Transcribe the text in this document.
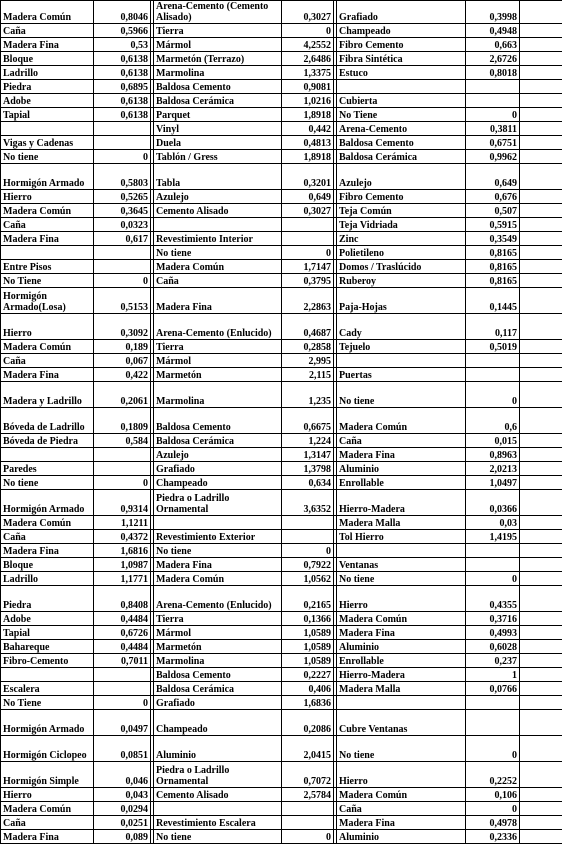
Madera Común	0,8046		Arena-Cemento (Cemento Alisado)	0,3027		Grafiado	0,3998	
Caña	0,5966		Tierra	0		Champeado	0,4948	
Madera Fina	0,53		Mármol	4,2552		Fibro Cemento	0,663	
Bloque	0,6138		Marmetón (Terrazo)	2,6486		Fibra Sintética	2,6726	
Ladrillo	0,6138		Marmolina	1,3375		Estuco	0,8018	
Piedra	0,6895		Baldosa Cemento	0,9081				
Adobe	0,6138		Baldosa Cerámica	1,0216		Cubierta		
Tapial	0,6138		Parquet	1,8918		No Tiene	0	
			Vinyl	0,442		Arena-Cemento	0,3811	
Vigas y Cadenas			Duela	0,4813		Baldosa Cemento	0,6751	
No tiene	0		Tablón / Gress	1,8918		Baldosa Cerámica	0,9962	
Hormigón Armado	0,5803		Tabla	0,3201		Azulejo	0,649	
Hierro	0,5265		Azulejo	0,649		Fibro Cemento	0,676	
Madera Común	0,3645		Cemento Alisado	0,3027		Teja Común	0,507	
Caña	0,0323					Teja Vidriada	0,5915	
Madera Fina	0,617		Revestimiento Interior			Zinc	0,3549	
			No tiene	0		Polietileno	0,8165	
Entre Pisos			Madera Común	1,7147		Domos / Traslúcido	0,8165	
No Tiene	0		Caña	0,3795		Ruberoy	0,8165	
Hormigón Armado(Losa)	0,5153		Madera Fina	2,2863		Paja-Hojas	0,1445	
Hierro	0,3092		Arena-Cemento (Enlucido)	0,4687		Cady	0,117	
Madera Común	0,189		Tierra	0,2858		Tejuelo	0,5019	
Caña	0,067		Mármol	2,995				
Madera Fina	0,422		Marmetón	2,115		Puertas		
Madera y Ladrillo	0,2061		Marmolina	1,235		No tiene	0	
Bóveda de Ladrillo	0,1809		Baldosa Cemento	0,6675		Madera Común	0,6	
Bóveda de Piedra	0,584		Baldosa Cerámica	1,224		Caña	0,015	
			Azulejo	1,3147		Madera Fina	0,8963	
Paredes			Grafiado	1,3798		Aluminio	2,0213	
No tiene	0		Champeado	0,634		Enrollable	1,0497	
Hormigón Armado	0,9314		Piedra o Ladrillo Ornamental	3,6352		Hierro-Madera	0,0366	
Madera Común	1,1211					Madera Malla	0,03	
Caña	0,4372		Revestimiento Exterior			Tol Hierro	1,4195	
Madera Fina	1,6816		No tiene	0				
Bloque	1,0987		Madera Fina	0,7922		Ventanas		
Ladrillo	1,1771		Madera Común	1,0562		No tiene	0	
Piedra	0,8408		Arena-Cemento (Enlucido)	0,2165		Hierro	0,4355	
Adobe	0,4484		Tierra	0,1366		Madera Común	0,3716	
Tapial	0,6726		Mármol	1,0589		Madera Fina	0,4993	
Bahareque	0,4484		Marmetón	1,0589		Aluminio	0,6028	
Fibro-Cemento	0,7011		Marmolina	1,0589		Enrollable	0,237	
			Baldosa Cemento	0,2227		Hierro-Madera	1	
Escalera			Baldosa Cerámica	0,406		Madera Malla	0,0766	
No Tiene	0		Grafiado	1,6836				
Hormigón Armado	0,0497		Champeado	0,2086		Cubre Ventanas		
Hormigón Ciclopeo	0,0851		Aluminio	2,0415		No tiene	0	
Hormigón Simple	0,046		Piedra o Ladrillo Ornamental	0,7072		Hierro	0,2252	
Hierro	0,043		Cemento Alisado	2,5784		Madera Común	0,106	
Madera Común	0,0294					Caña	0	
Caña	0,0251		Revestimiento Escalera			Madera Fina	0,4978	
Madera Fina	0,089		No tiene	0		Aluminio	0,2336	
